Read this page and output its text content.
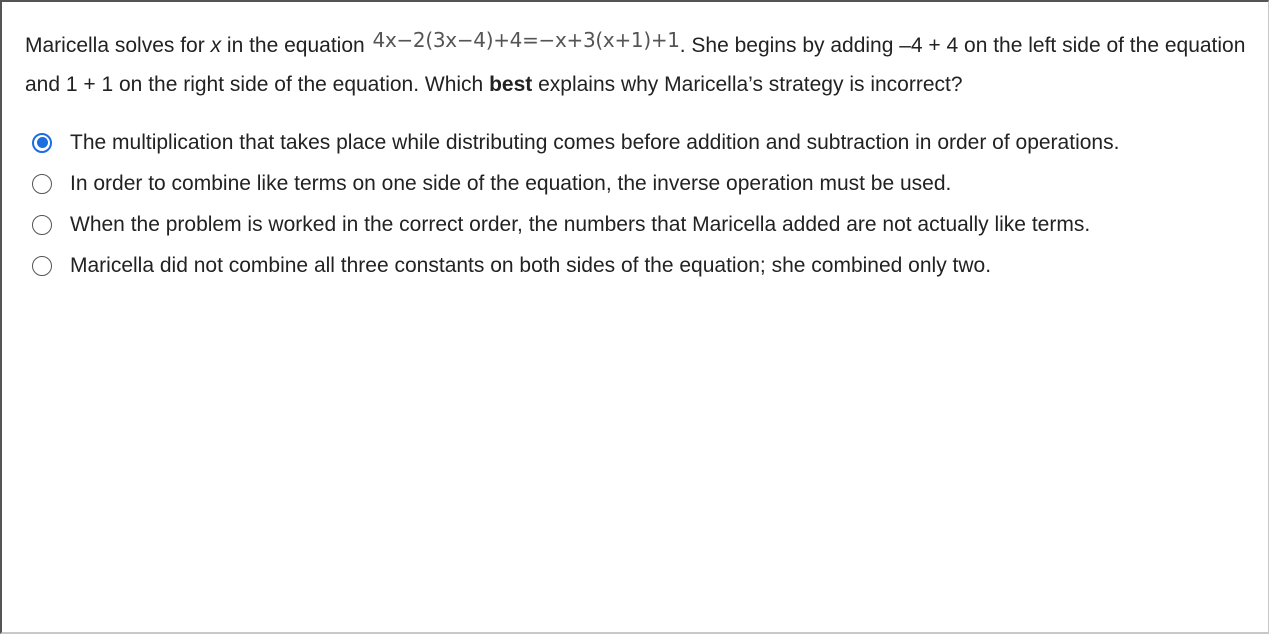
Maricella solves for x in the equation 4x−2(3x−4)+4=−x+3(x+1)+1. She begins by adding –4 + 4 on the left side of the equation and 1 + 1 on the right side of the equation. Which best explains why Maricella’s strategy is incorrect?
The multiplication that takes place while distributing comes before addition and subtraction in order of operations.
In order to combine like terms on one side of the equation, the inverse operation must be used.
When the problem is worked in the correct order, the numbers that Maricella added are not actually like terms.
Maricella did not combine all three constants on both sides of the equation; she combined only two.
